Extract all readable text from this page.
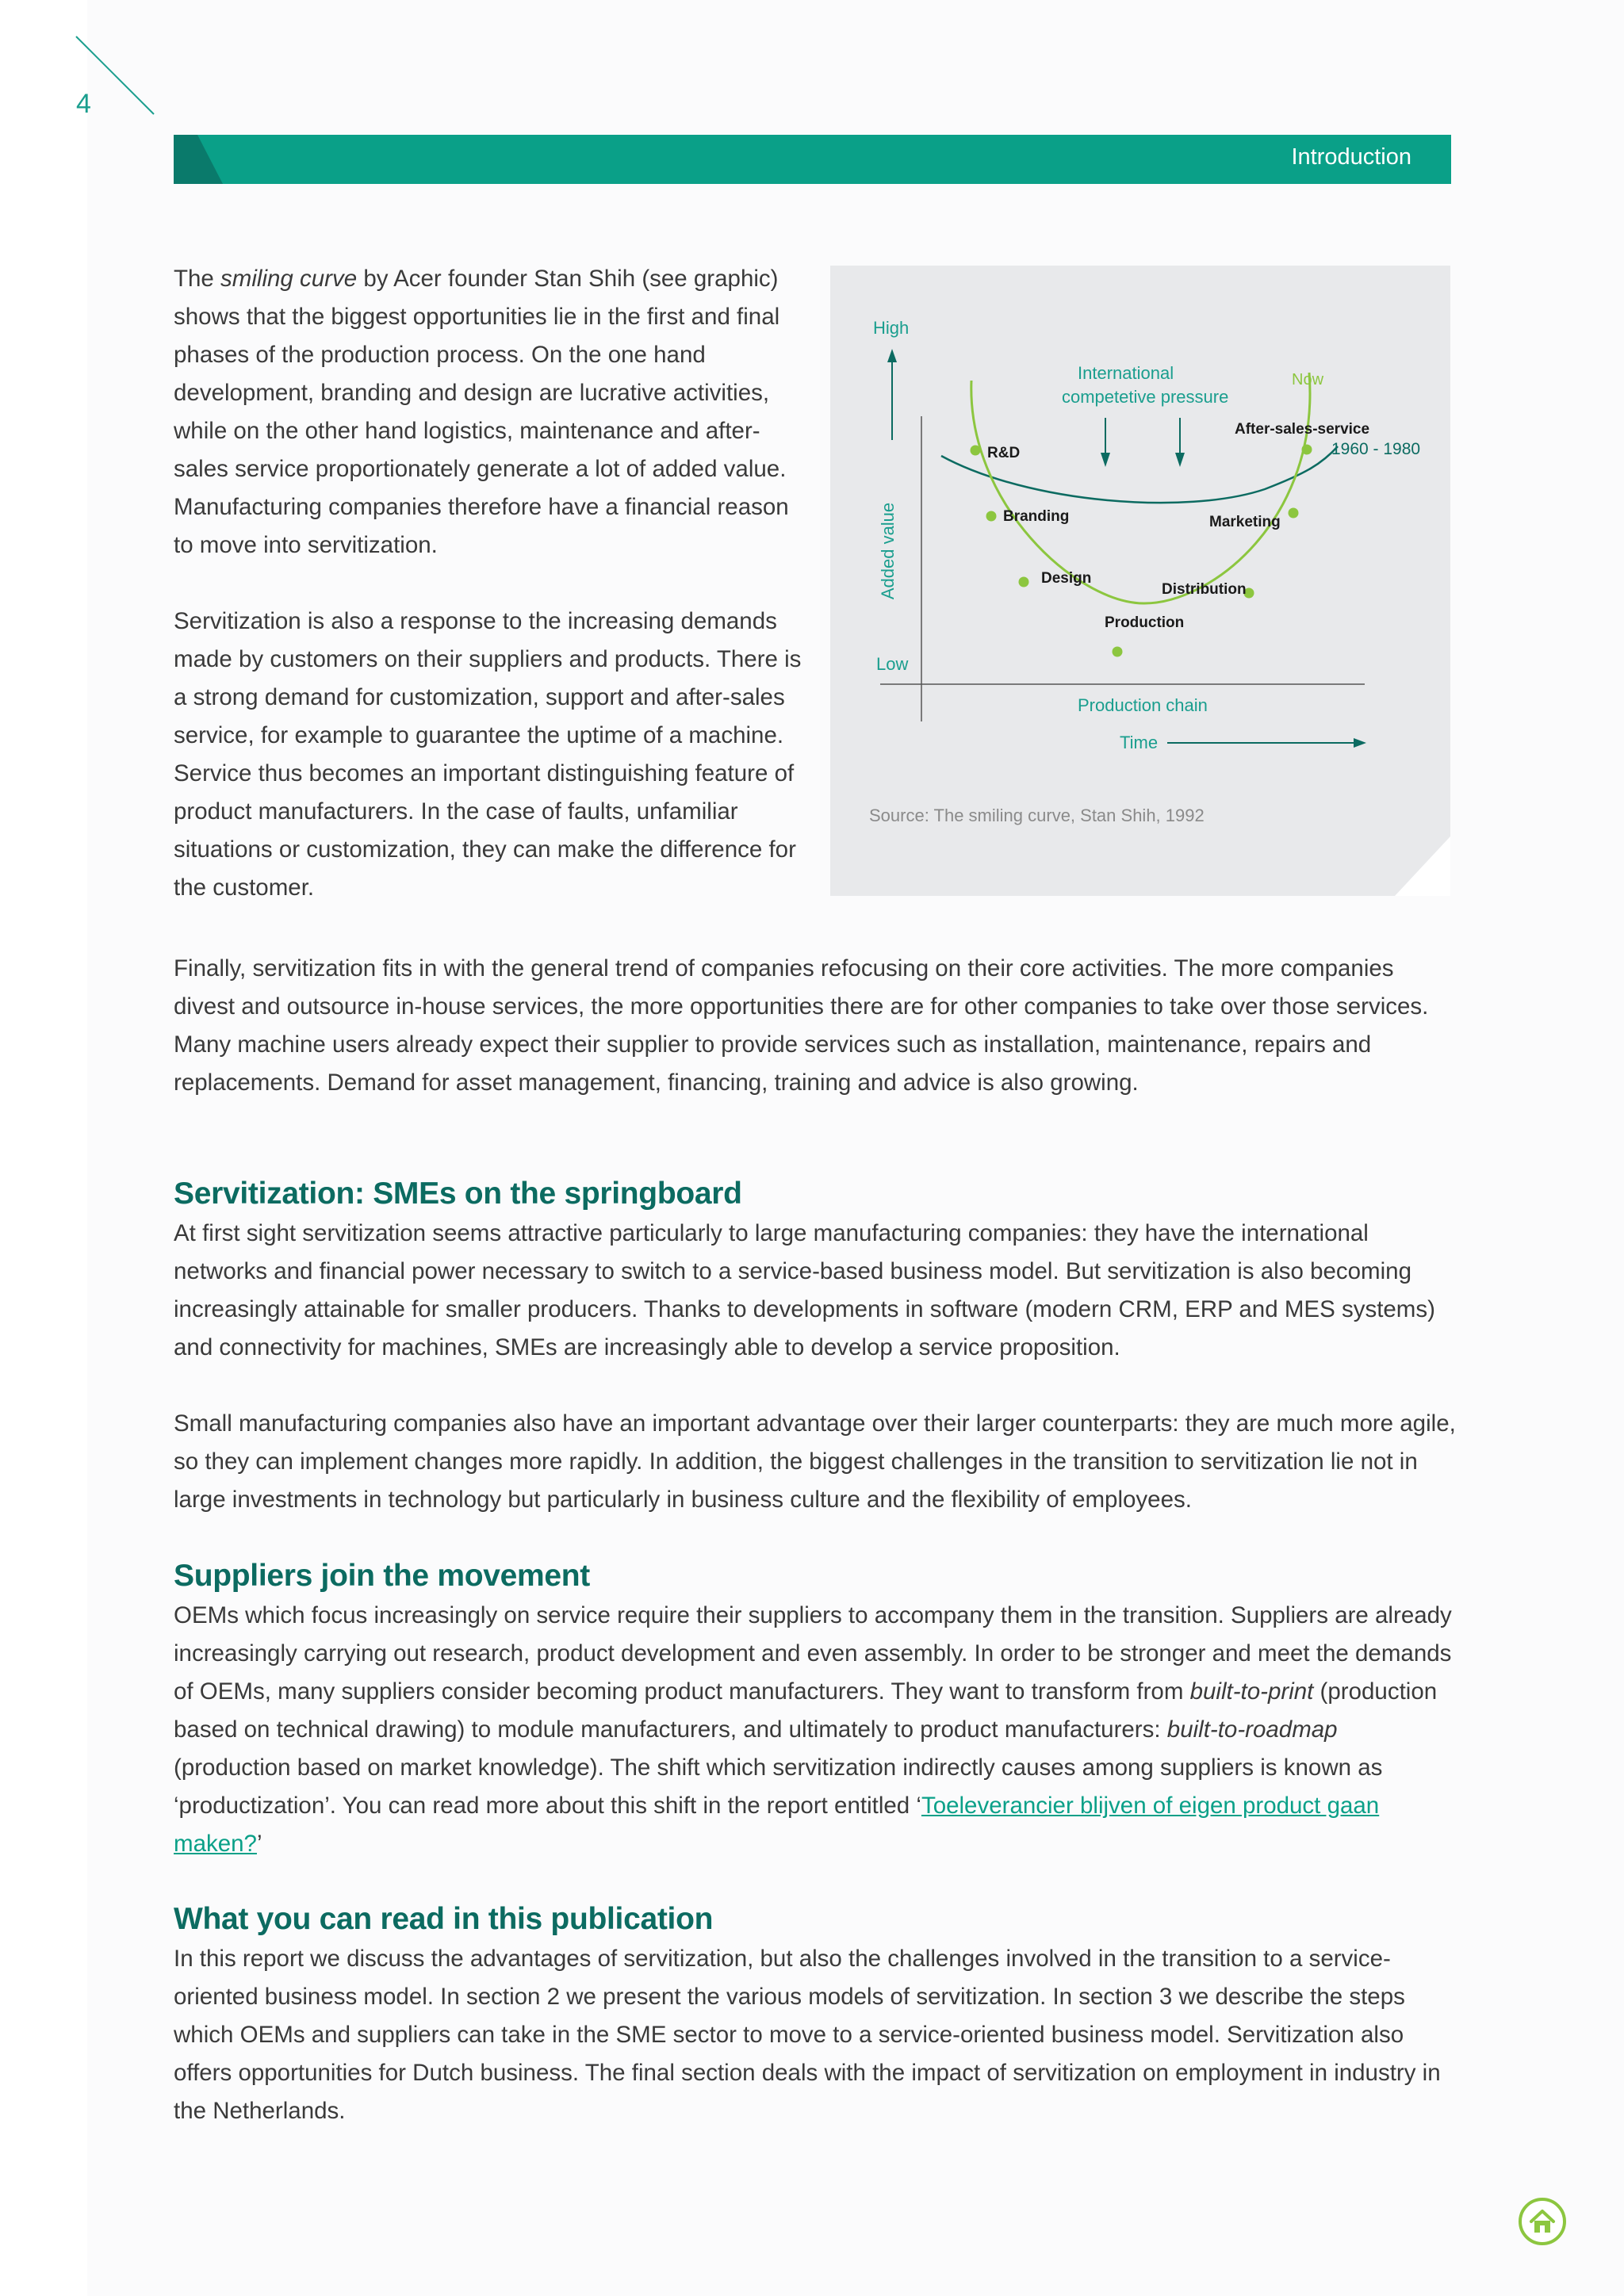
4
Introduction

The smiling curve by Acer founder Stan Shih (see graphic) shows that the biggest opportunities lie in the first and final phases of the production process. On the one hand development, branding and design are lucrative activities, while on the other hand logistics, maintenance and after-sales service proportionately generate a lot of added value. Manufacturing companies therefore have a financial reason to move into servitization.

Servitization is also a response to the increasing demands made by customers on their suppliers and products. There is a strong demand for customization, support and after-sales service, for example to guarantee the uptime of a machine. Service thus becomes an important distinguishing feature of product manufacturers. In the case of faults, unfamiliar situations or customization, they can make the difference for the customer.

High
Low
Added value
International
competetive pressure
Now
1960 - 1980
R&D
Branding
Design
Production
Distribution
Marketing
After-sales-service
Production chain
Time
Source: The smiling curve, Stan Shih, 1992

Finally, servitization fits in with the general trend of companies refocusing on their core activities. The more companies divest and outsource in-house services, the more opportunities there are for other companies to take over those services. Many machine users already expect their supplier to provide services such as installation, maintenance, repairs and replacements. Demand for asset management, financing, training and advice is also growing.

Servitization: SMEs on the springboard

At first sight servitization seems attractive particularly to large manufacturing companies: they have the international networks and financial power necessary to switch to a service-based business model. But servitization is also becoming increasingly attainable for smaller producers. Thanks to developments in software (modern CRM, ERP and MES systems) and connectivity for machines, SMEs are increasingly able to develop a service proposition.

Small manufacturing companies also have an important advantage over their larger counterparts: they are much more agile, so they can implement changes more rapidly. In addition, the biggest challenges in the transition to servitization lie not in large investments in technology but particularly in business culture and the flexibility of employees.

Suppliers join the movement

OEMs which focus increasingly on service require their suppliers to accompany them in the transition. Suppliers are already increasingly carrying out research, product development and even assembly. In order to be stronger and meet the demands of OEMs, many suppliers consider becoming product manufacturers. They want to transform from built-to-print (production based on technical drawing) to module manufacturers, and ultimately to product manufacturers: built-to-roadmap (production based on market knowledge). The shift which servitization indirectly causes among suppliers is known as ‘productization’. You can read more about this shift in the report entitled ‘Toeleverancier blijven of eigen product gaan maken?’

What you can read in this publication

In this report we discuss the advantages of servitization, but also the challenges involved in the transition to a service-oriented business model. In section 2 we present the various models of servitization. In section 3 we describe the steps which OEMs and suppliers can take in the SME sector to move to a service-oriented business model. Servitization also offers opportunities for Dutch business. The final section deals with the impact of servitization on employment in industry in the Netherlands.
